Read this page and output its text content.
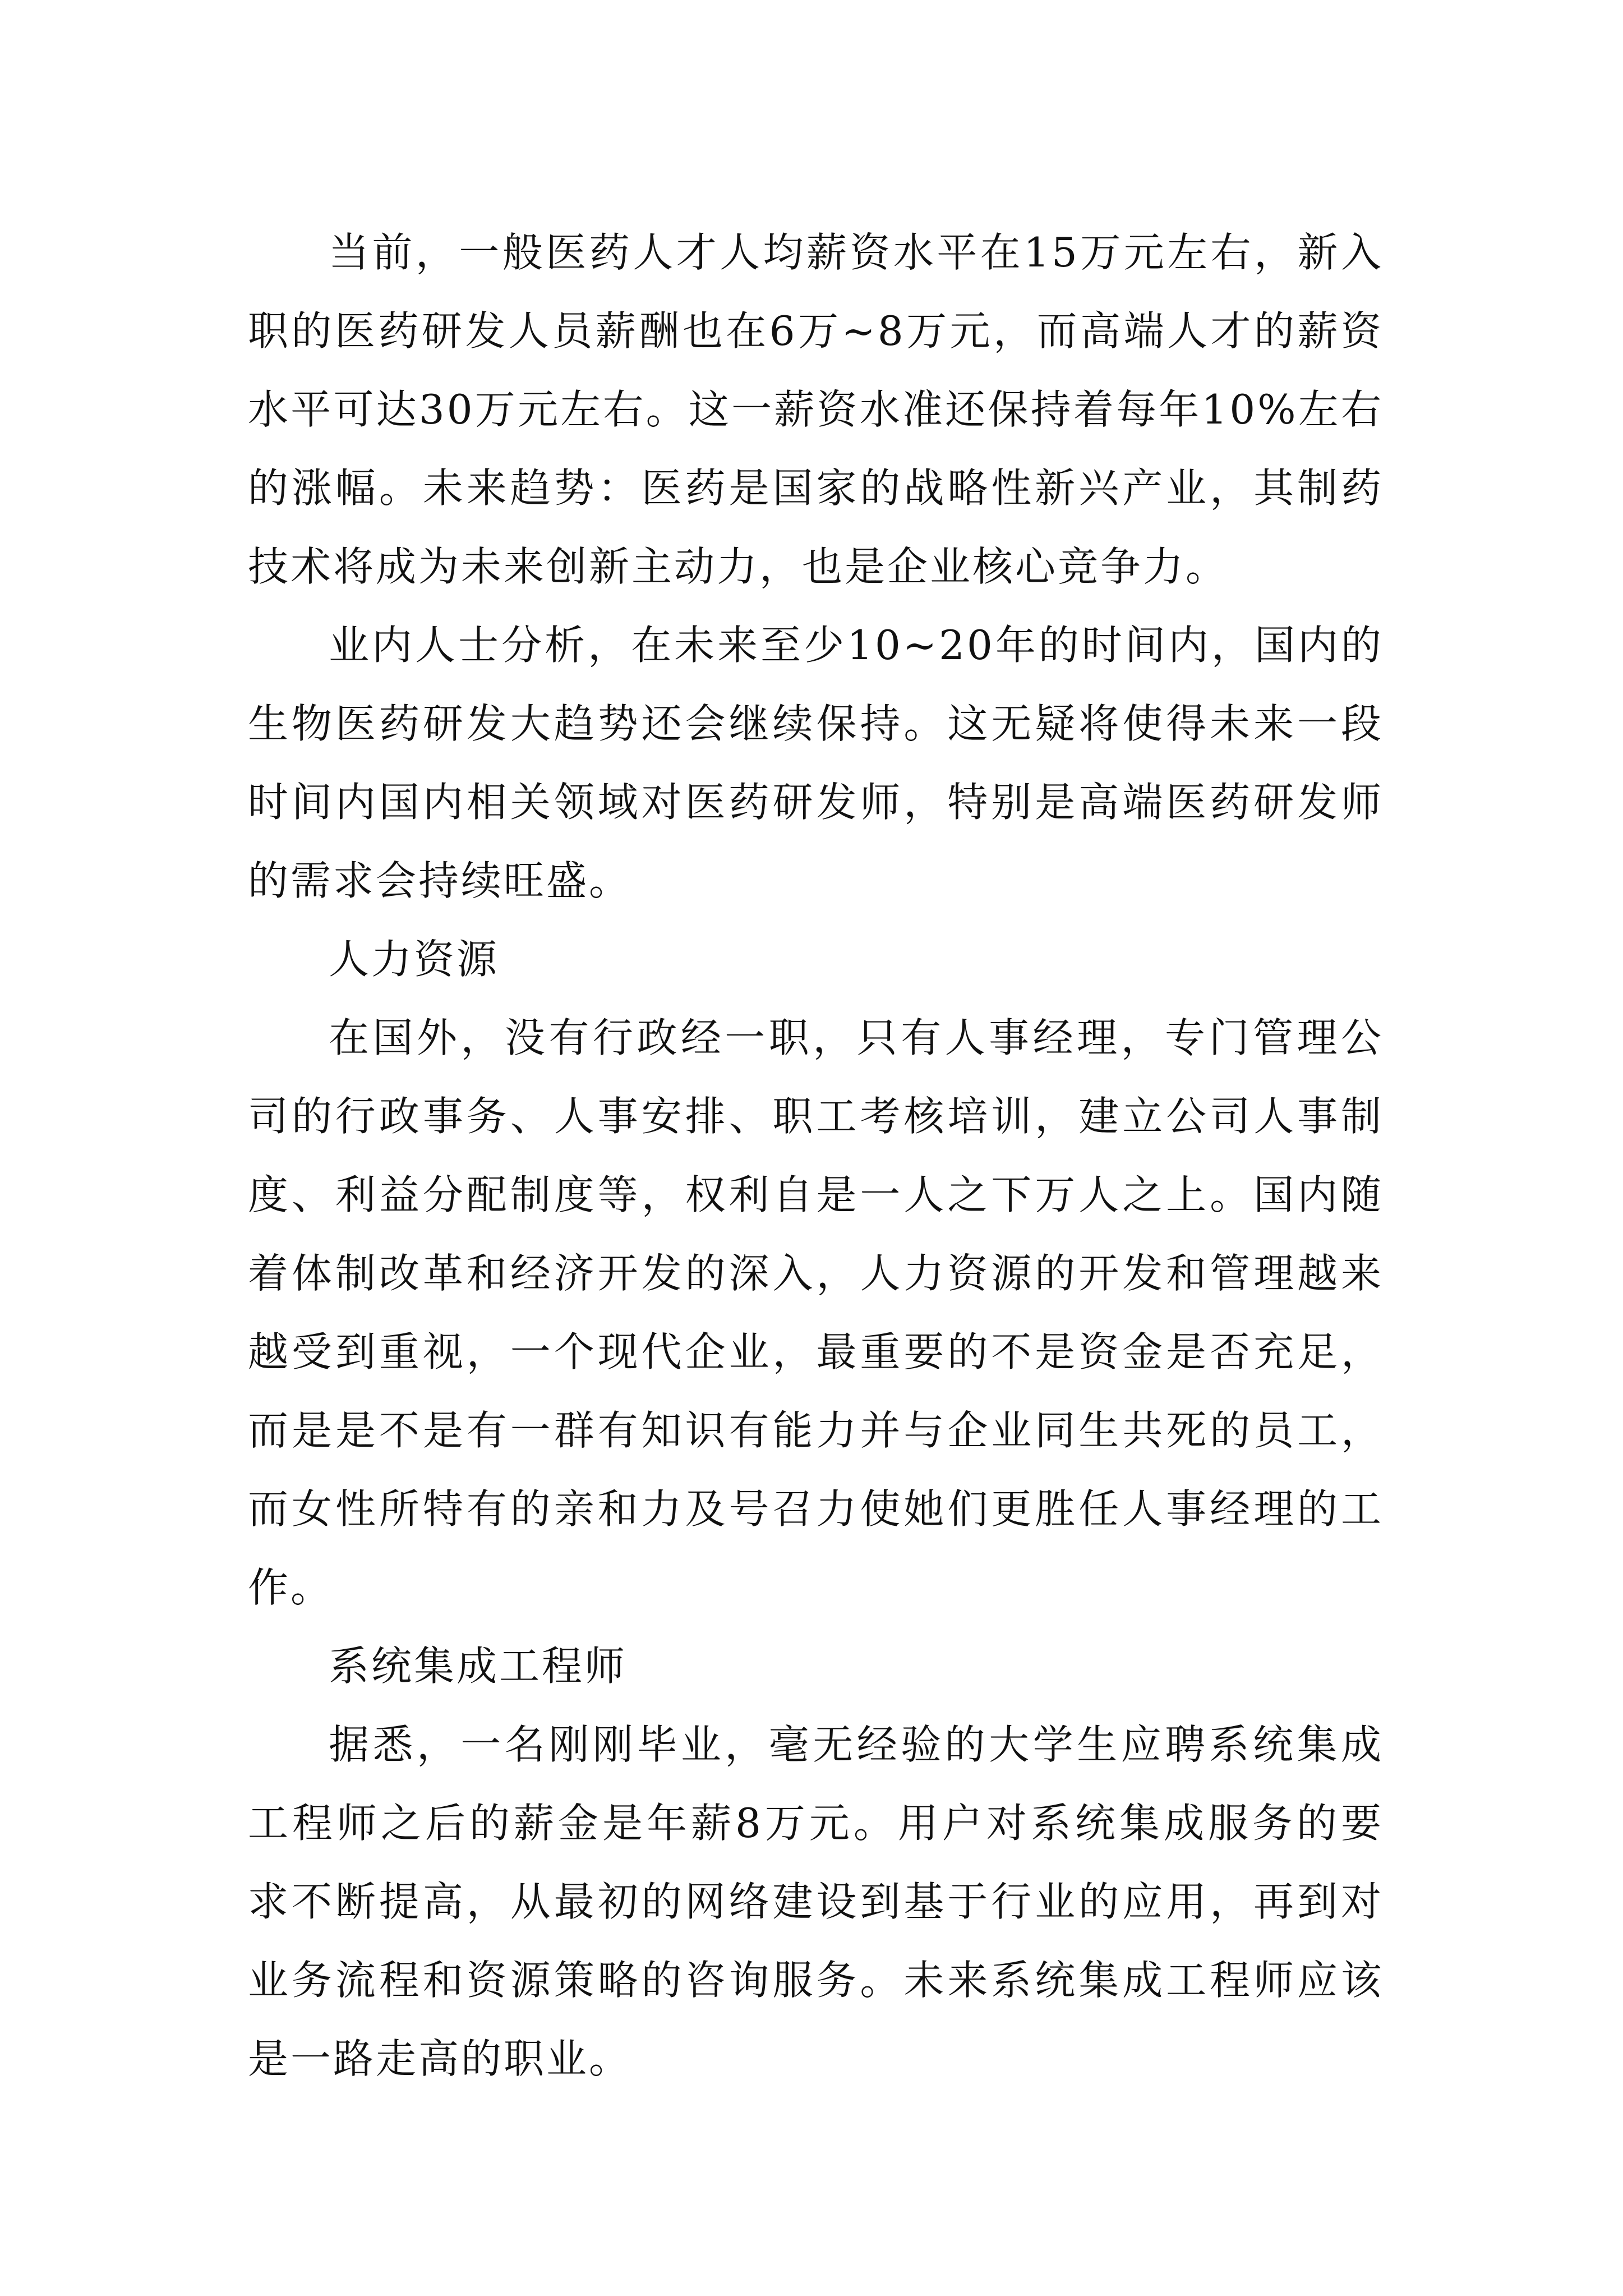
当前，一般医药人才人均薪资水平在15万元左右，新入职的医药研发人员薪酬也在6万~8万元，而高端人才的薪资水平可达30万元左右。这一薪资水准还保持着每年10%左右的涨幅。未来趋势：医药是国家的战略性新兴产业，其制药技术将成为未来创新主动力，也是企业核心竞争力。

业内人士分析，在未来至少10~20年的时间内，国内的生物医药研发大趋势还会继续保持。这无疑将使得未来一段时间内国内相关领域对医药研发师，特别是高端医药研发师的需求会持续旺盛。

人力资源

在国外，没有行政经一职，只有人事经理，专门管理公司的行政事务、人事安排、职工考核培训，建立公司人事制度、利益分配制度等，权利自是一人之下万人之上。国内随着体制改革和经济开发的深入，人力资源的开发和管理越来越受到重视，一个现代企业，最重要的不是资金是否充足，而是是不是有一群有知识有能力并与企业同生共死的员工，而女性所特有的亲和力及号召力使她们更胜任人事经理的工作。

系统集成工程师

据悉，一名刚刚毕业，毫无经验的大学生应聘系统集成工程师之后的薪金是年薪8万元。用户对系统集成服务的要求不断提高，从最初的网络建设到基于行业的应用，再到对业务流程和资源策略的咨询服务。未来系统集成工程师应该是一路走高的职业。
